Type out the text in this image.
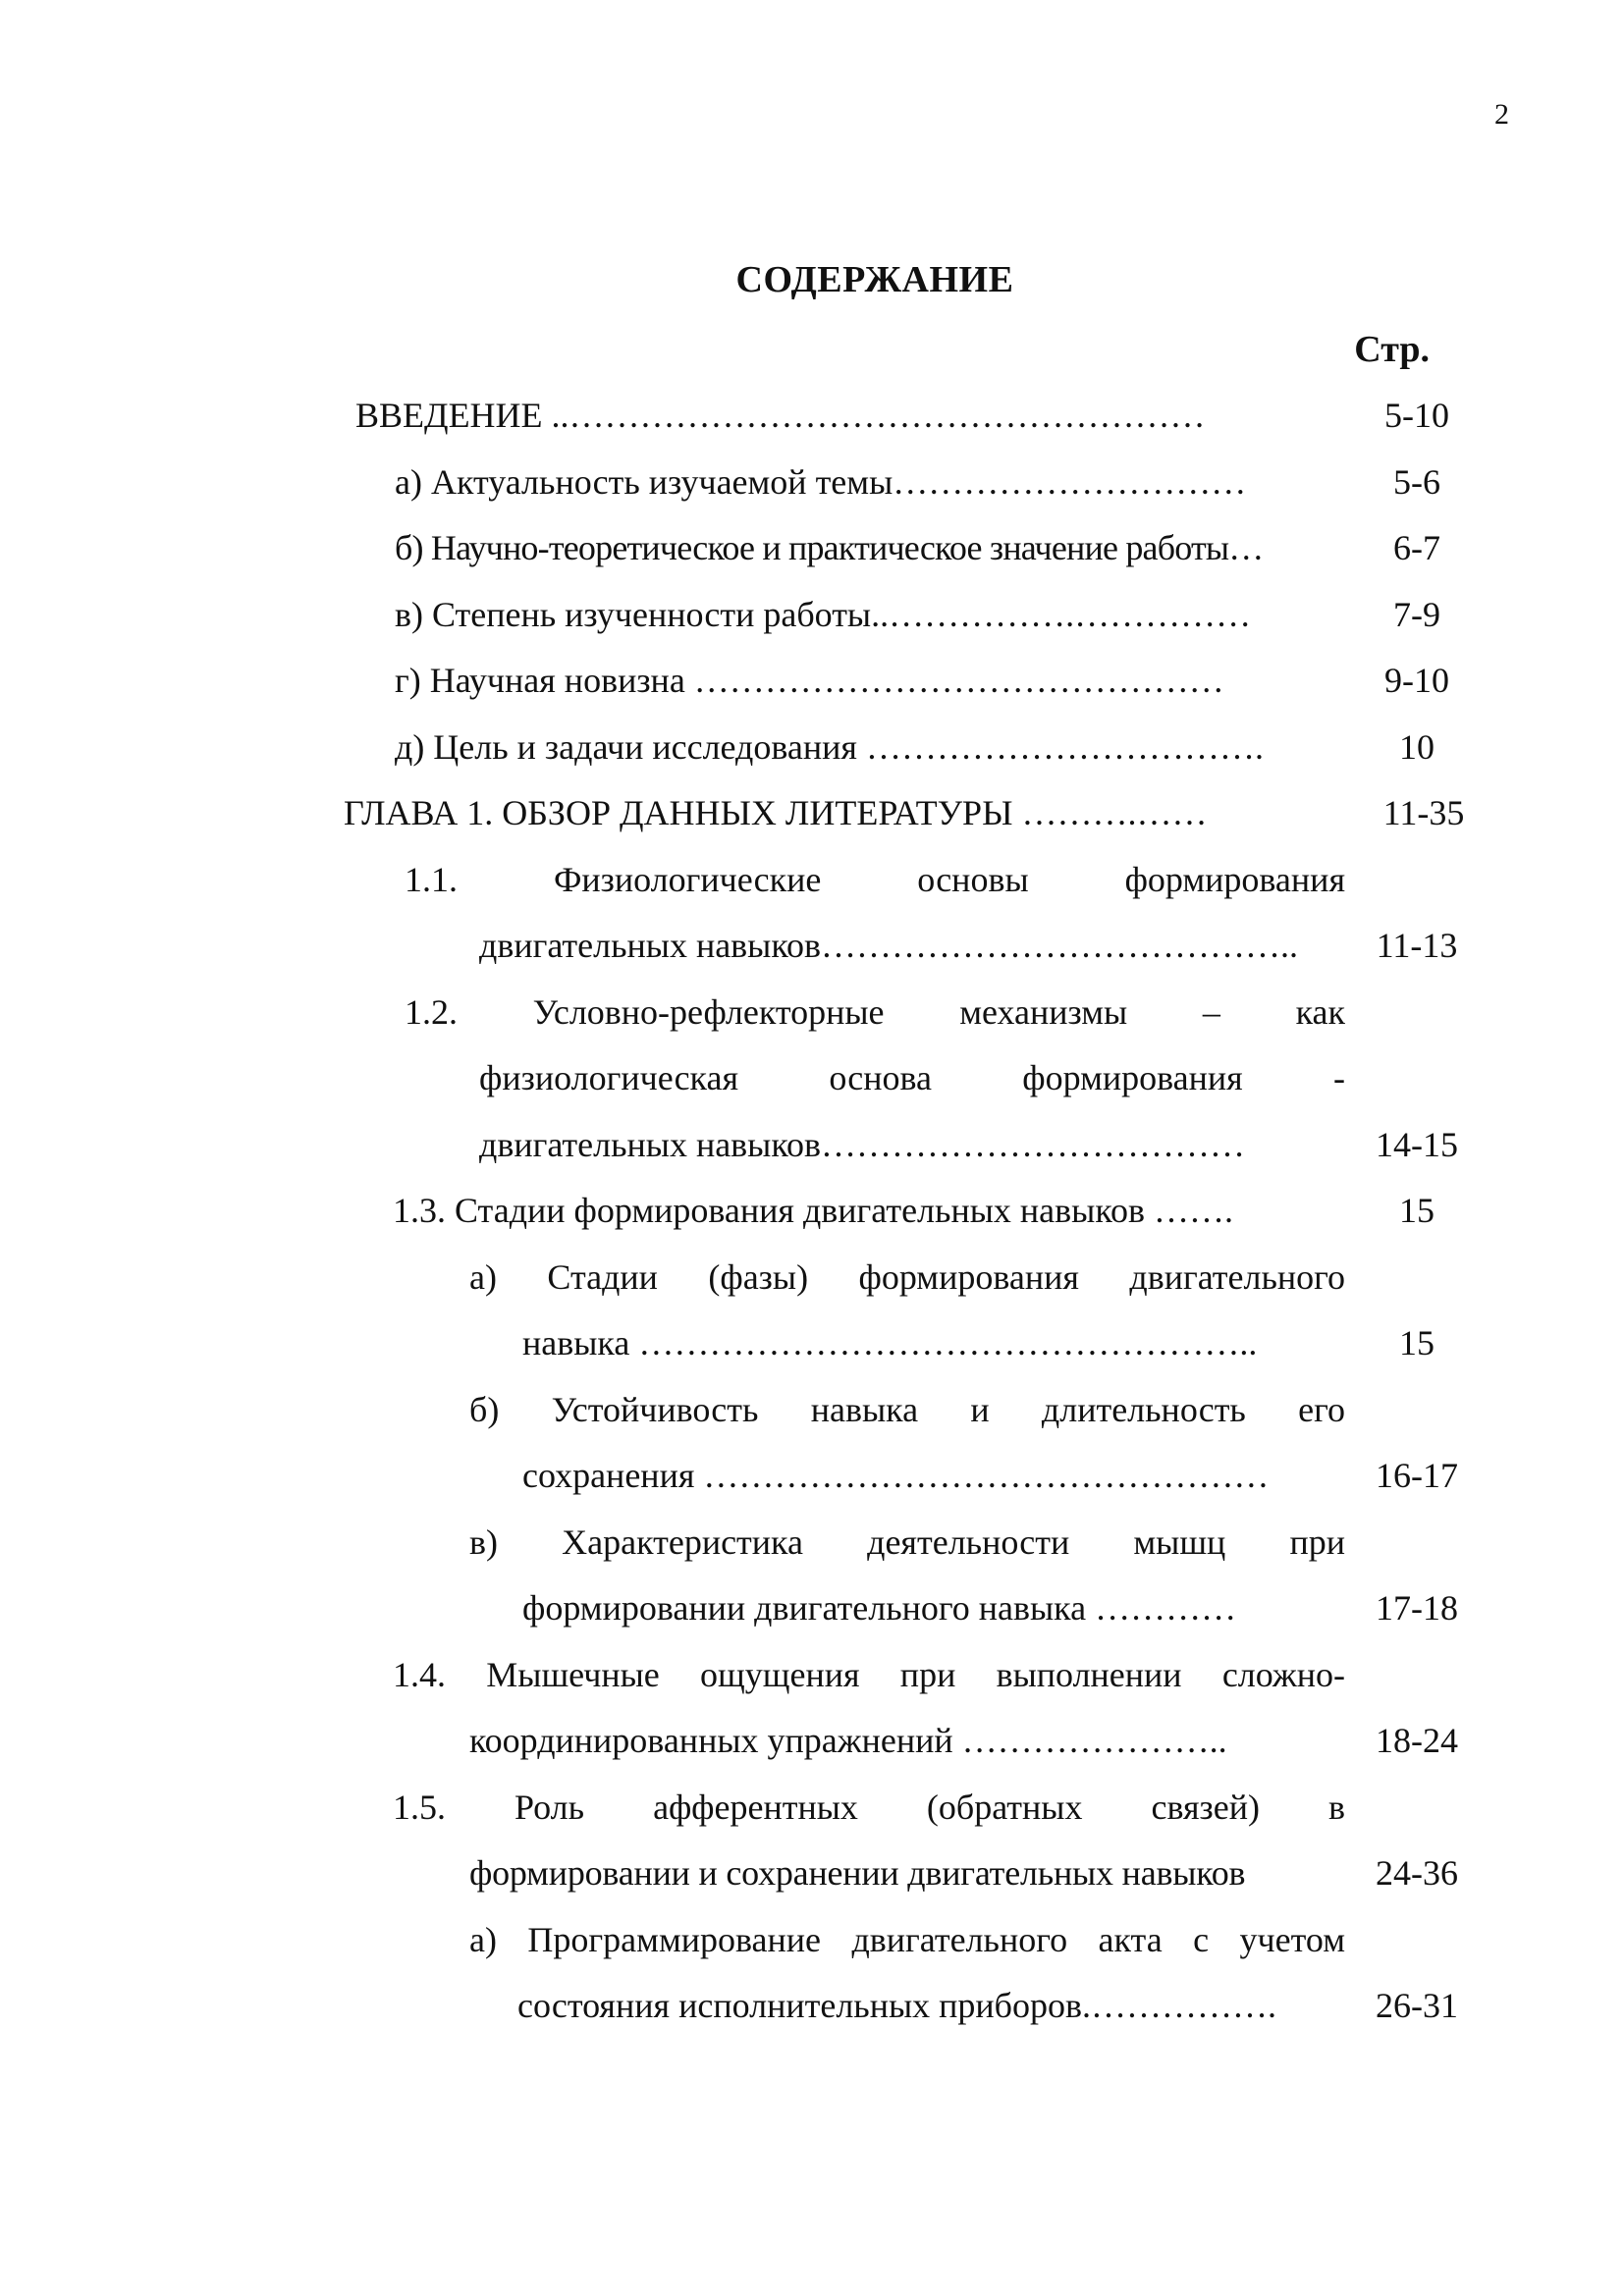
2
СОДЕРЖАНИЕ
Стр.
ВВЕДЕНИЕ ..………………………………………………	5-10
а) Актуальность изучаемой темы…………………………	5-6
б) Научно-теоретическое и практическое значение работы…	6-7
в) Степень изученности работы..…………….……………	7-9
г) Научная новизна ………………………………………	9-10
д) Цель и задачи исследования …………………………….	10
ГЛАВА 1. ОБЗОР ДАННЫХ ЛИТЕРАТУРЫ ……….……	11-35
1.1. Физиологические основы формирования
двигательных навыков…………………………………..	11-13
1.2. Условно-рефлекторные механизмы – как
физиологическая основа формирования -
двигательных навыков………………………………	14-15
1.3. Стадии формирования двигательных навыков …….	15
а) Стадии (фазы) формирования двигательного
навыка ……………………………………………..	15
б) Устойчивость навыка и длительность его
сохранения …………………………………………	16-17
в) Характеристика деятельности мышц при
формировании двигательного навыка …………	17-18
1.4. Мышечные ощущения при выполнении сложно-
координированных упражнений …………………..	18-24
1.5. Роль афферентных (обратных связей) в
формировании и сохранении двигательных навыков	24-36
а) Программирование двигательного акта с учетом
состояния исполнительных приборов.…………….	26-31
